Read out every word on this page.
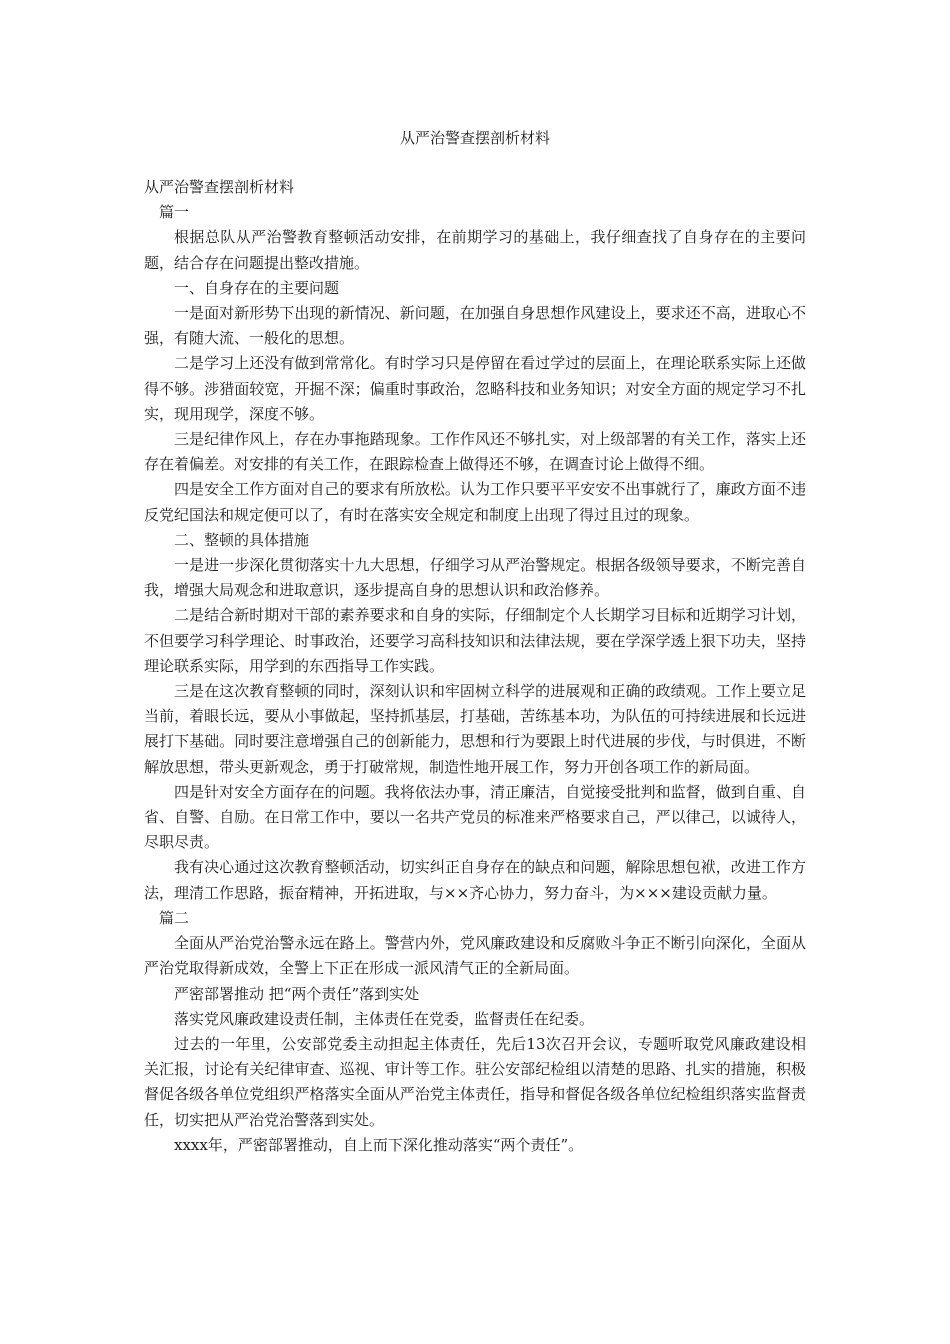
从严治警查摆剖析材料

从严治警查摆剖析材料

篇一

根据总队从严治警教育整顿活动安排，在前期学习的基础上，我仔细查找了自身存在的主要问题，结合存在问题提出整改措施。

一、自身存在的主要问题

一是面对新形势下出现的新情况、新问题，在加强自身思想作风建设上，要求还不高，进取心不强，有随大流、一般化的思想。

二是学习上还没有做到常常化。有时学习只是停留在看过学过的层面上，在理论联系实际上还做得不够。涉猎面较宽，开掘不深；偏重时事政治，忽略科技和业务知识；对安全方面的规定学习不扎实，现用现学，深度不够。

三是纪律作风上，存在办事拖踏现象。工作作风还不够扎实，对上级部署的有关工作，落实上还存在着偏差。对安排的有关工作，在跟踪检查上做得还不够，在调查讨论上做得不细。

四是安全工作方面对自己的要求有所放松。认为工作只要平平安安不出事就行了，廉政方面不违反党纪国法和规定便可以了，有时在落实安全规定和制度上出现了得过且过的现象。

二、整顿的具体措施

一是进一步深化贯彻落实十九大思想，仔细学习从严治警规定。根据各级领导要求，不断完善自我，增强大局观念和进取意识，逐步提高自身的思想认识和政治修养。

二是结合新时期对干部的素养要求和自身的实际，仔细制定个人长期学习目标和近期学习计划，不但要学习科学理论、时事政治，还要学习高科技知识和法律法规，要在学深学透上狠下功夫，坚持理论联系实际，用学到的东西指导工作实践。

三是在这次教育整顿的同时，深刻认识和牢固树立科学的进展观和正确的政绩观。工作上要立足当前，着眼长远，要从小事做起，坚持抓基层，打基础，苦练基本功，为队伍的可持续进展和长远进展打下基础。同时要注意增强自己的创新能力，思想和行为要跟上时代进展的步伐，与时俱进，不断解放思想，带头更新观念，勇于打破常规，制造性地开展工作，努力开创各项工作的新局面。

四是针对安全方面存在的问题。我将依法办事，清正廉洁，自觉接受批判和监督，做到自重、自省、自警、自励。在日常工作中，要以一名共产党员的标准来严格要求自己，严以律己，以诚待人，尽职尽责。

我有决心通过这次教育整顿活动，切实纠正自身存在的缺点和问题，解除思想包袱，改进工作方法，理清工作思路，振奋精神，开拓进取，与××齐心协力，努力奋斗，为×××建设贡献力量。

篇二

全面从严治党治警永远在路上。警营内外，党风廉政建设和反腐败斗争正不断引向深化，全面从严治党取得新成效，全警上下正在形成一派风清气正的全新局面。

严密部署推动 把“两个责任”落到实处

落实党风廉政建设责任制，主体责任在党委，监督责任在纪委。

过去的一年里，公安部党委主动担起主体责任，先后13次召开会议，专题听取党风廉政建设相关汇报，讨论有关纪律审查、巡视、审计等工作。驻公安部纪检组以清楚的思路、扎实的措施，积极督促各级各单位党组织严格落实全面从严治党主体责任，指导和督促各级各单位纪检组织落实监督责任，切实把从严治党治警落到实处。

xxxx年，严密部署推动，自上而下深化推动落实“两个责任”。
